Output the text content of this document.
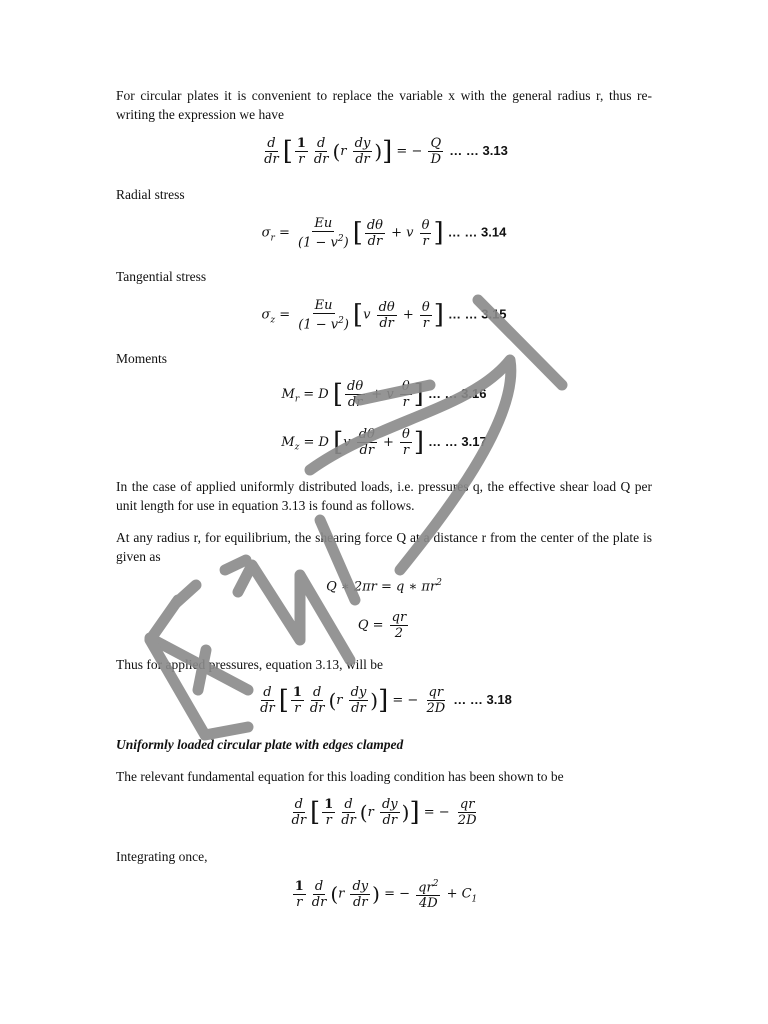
For circular plates it is convenient to replace the variable x with the general radius r, thus re-writing the expression we have

$\frac{d}{dr}$ [ $\frac{1}{r} \frac{d}{dr} (r \frac{dy}{dr}$ )] = − $\frac{Q}{D}$ … … 3.13

Radial stress

$\sigma_r = \frac{Eu}{(1 - v^2)}$ [ $\frac{d\theta}{dr} + v \frac{\theta}{r}$ ] … … 3.14

Tangential stress

$\sigma_z = \frac{Eu}{(1 - v^2)} [v \frac{d\theta}{dr} + \frac{\theta}{r}$ ] … … 3.15

Moments

$M_r = D$ [ $\frac{d\theta}{dr} + v \frac{\theta}{r}$ ] … … 3.16
$M_z = D$ [$v \frac{d\theta}{dr} + \frac{\theta}{r}$ ] … … 3.17

In the case of applied uniformly distributed loads, i.e. pressures q, the effective shear load Q per unit length for use in equation 3.13 is found as follows.

At any radius r, for equilibrium, the shearing force Q at a distance r from the center of the plate is given as

Q ∗ 2πr = q ∗ $\pi r^2$
$Q = \frac{qr}{2}$

Thus for applied pressures, equation 3.13, will be

$\frac{d}{dr}$ [ $\frac{1}{r} \frac{d}{dr} (r \frac{dy}{dr}$ )] = − $\frac{qr}{2D}$ … … 3.18

Uniformly loaded circular plate with edges clamped

The relevant fundamental equation for this loading condition has been shown to be

$\frac{d}{dr}$ [ $\frac{1}{r} \frac{d}{dr} (r \frac{dy}{dr}$ )] = − $\frac{qr}{2D}$

Integrating once,

$\frac{1}{r} \frac{d}{dr} (r \frac{dy}{dr}$ ) = − $\frac{qr^2}{4D} + C_1$
